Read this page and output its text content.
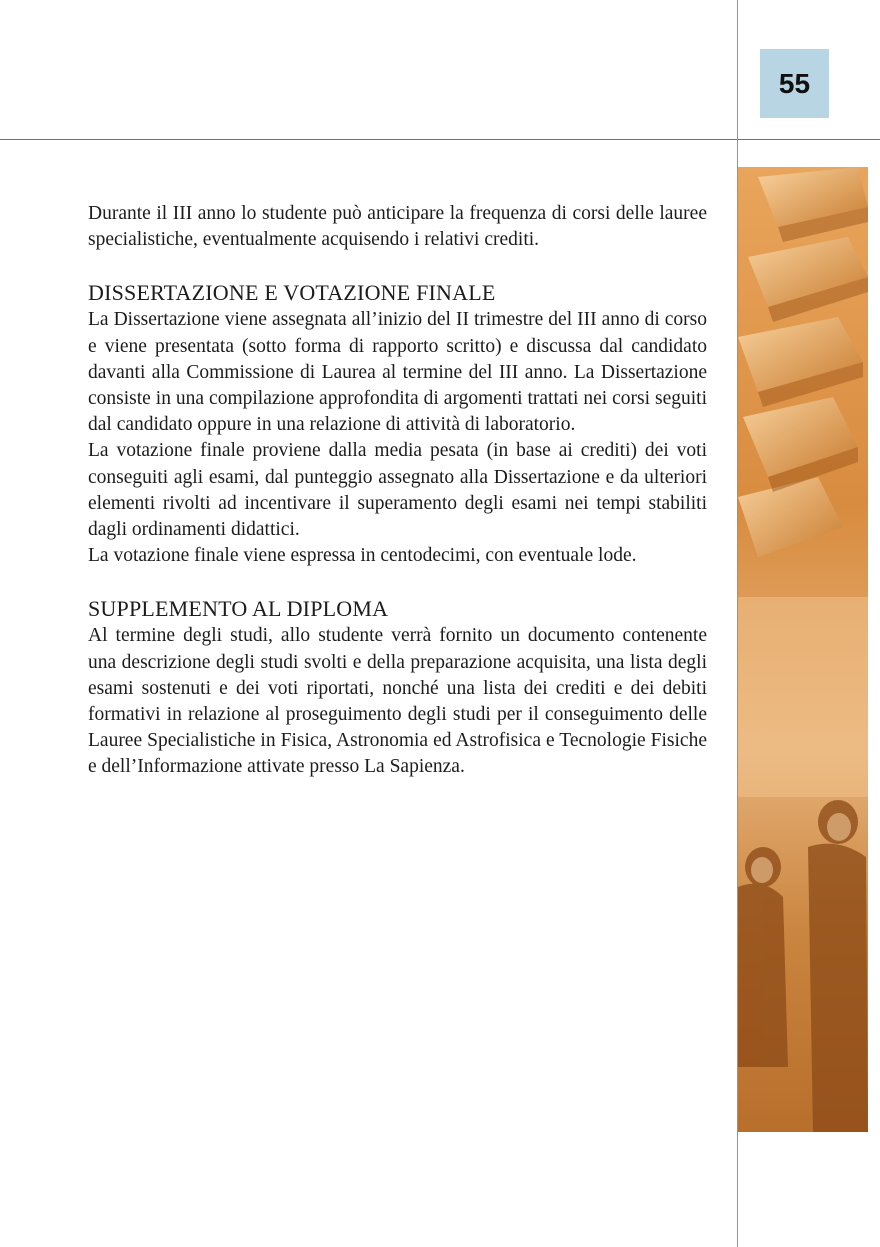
55

Durante il III anno lo studente può anticipare la frequenza di corsi delle lauree specialistiche, eventualmente acquisendo i relativi crediti.

DISSERTAZIONE E VOTAZIONE FINALE

La Dissertazione viene assegnata all’inizio del II trimestre del III anno di corso e viene presentata (sotto forma di rapporto scritto) e discussa dal candidato davanti alla Commissione di Laurea al termine del III anno. La Dissertazione consiste in una compilazione approfondita di argomenti trattati nei corsi seguiti dal candidato oppure in una relazione di attività di laboratorio.

La votazione finale proviene dalla media pesata (in base ai crediti) dei voti conseguiti agli esami, dal punteggio assegnato alla Dissertazione e da ulteriori elementi rivolti ad incentivare il superamento degli esami nei tempi stabiliti dagli ordinamenti didattici.

La votazione finale viene espressa in centodecimi, con eventuale lode.

SUPPLEMENTO AL DIPLOMA

Al termine degli studi, allo studente verrà fornito un documento contenente una descrizione degli studi svolti e della preparazione acquisita, una lista degli esami sostenuti e dei voti riportati, nonché una lista dei crediti e dei debiti formativi in relazione al proseguimento degli studi per il conseguimento delle Lauree Specialistiche in Fisica, Astronomia ed Astrofisica e Tecnologie Fisiche e dell’Informazione attivate presso La Sapienza.
